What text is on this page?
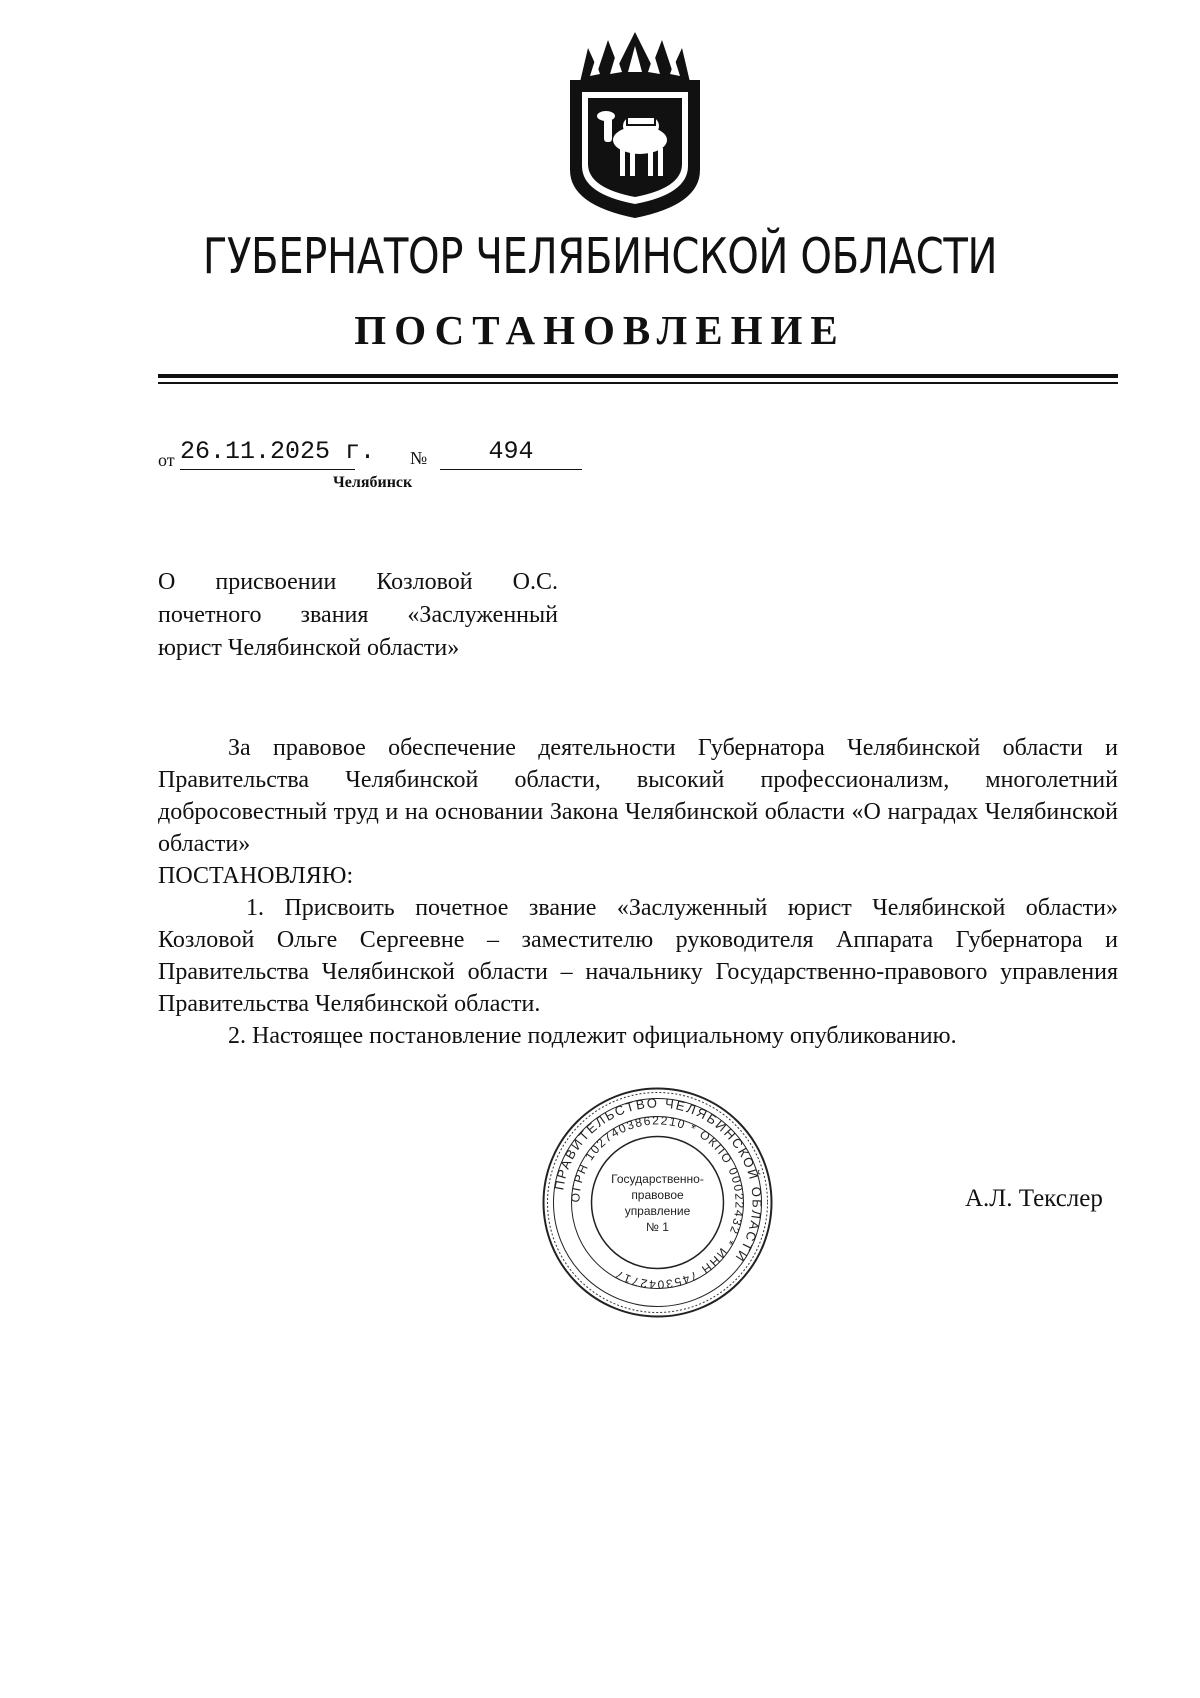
ГУБЕРНАТОР ЧЕЛЯБИНСКОЙ ОБЛАСТИ
ПОСТАНОВЛЕНИЕ
от 26.11.2025 г. №	494
Челябинск
О присвоении Козловой О.С.
почетного звания «Заслуженный
юрист Челябинской области»
За правовое обеспечение деятельности Губернатора Челябинской области и Правительства Челябинской области, высокий профессионализм, многолетний добросовестный труд и на основании Закона Челябинской области «О наградах Челябинской области»
ПОСТАНОВЛЯЮ:
1. Присвоить почетное звание «Заслуженный юрист Челябинской области» Козловой Ольге Сергеевне – заместителю руководителя Аппарата Губернатора и Правительства Челябинской области – начальнику Государственно-правового управления Правительства Челябинской области.
2. Настоящее постановление подлежит официальному опубликованию.
ПРАВИТЕЛЬСТВО ЧЕЛЯБИНСКОЙ ОБЛАСТИ
ОГРН 1027403862210 * ОКПО 00022432 * ИНН 7453042717
Государственно-
правовое
управление
№ 1
А.Л. Текслер
